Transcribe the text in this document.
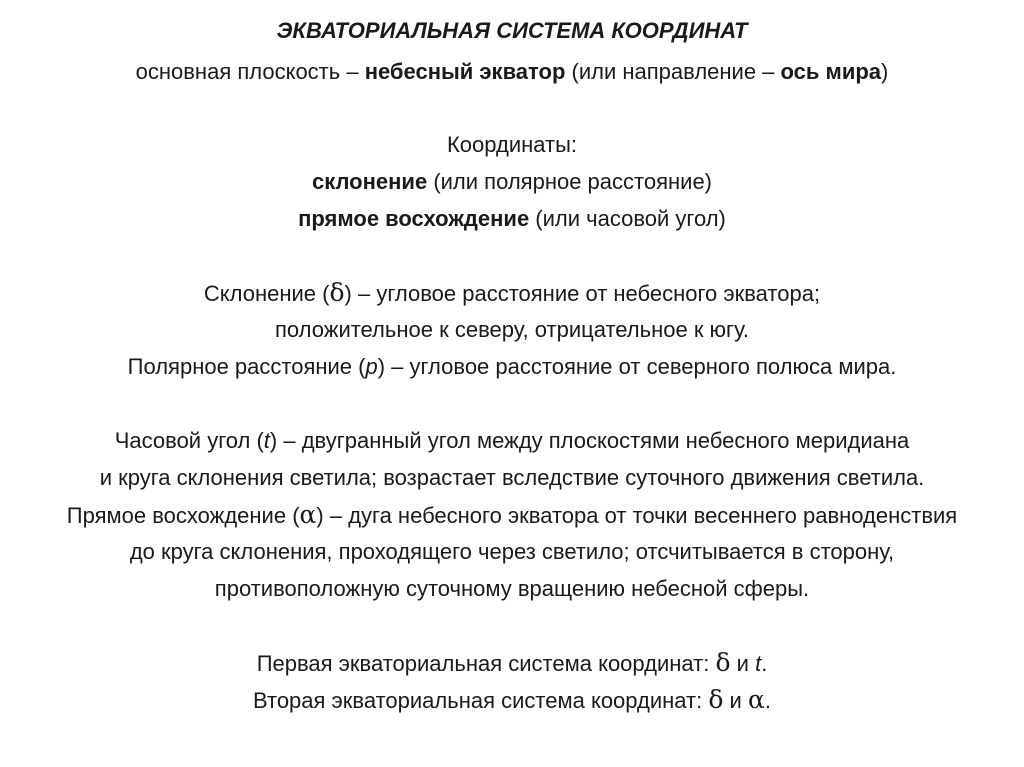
ЭКВАТОРИАЛЬНАЯ СИСТЕМА КООРДИНАТ
основная плоскость – небесный экватор (или направление – ось мира)
Координаты:
склонение (или полярное расстояние)
прямое восхождение (или часовой угол)
Склонение (δ) – угловое расстояние от небесного экватора;
положительное к северу, отрицательное к югу.
Полярное расстояние (p) – угловое расстояние от северного полюса мира.
Часовой угол (t) – двугранный угол между плоскостями небесного меридиана
и круга склонения светила; возрастает вследствие суточного движения светила.
Прямое восхождение (α) – дуга небесного экватора от точки весеннего равноденствия
до круга склонения, проходящего через светило; отсчитывается в сторону,
противоположную суточному вращению небесной сферы.
Первая экваториальная система координат: δ и t.
Вторая экваториальная система координат: δ и α.
